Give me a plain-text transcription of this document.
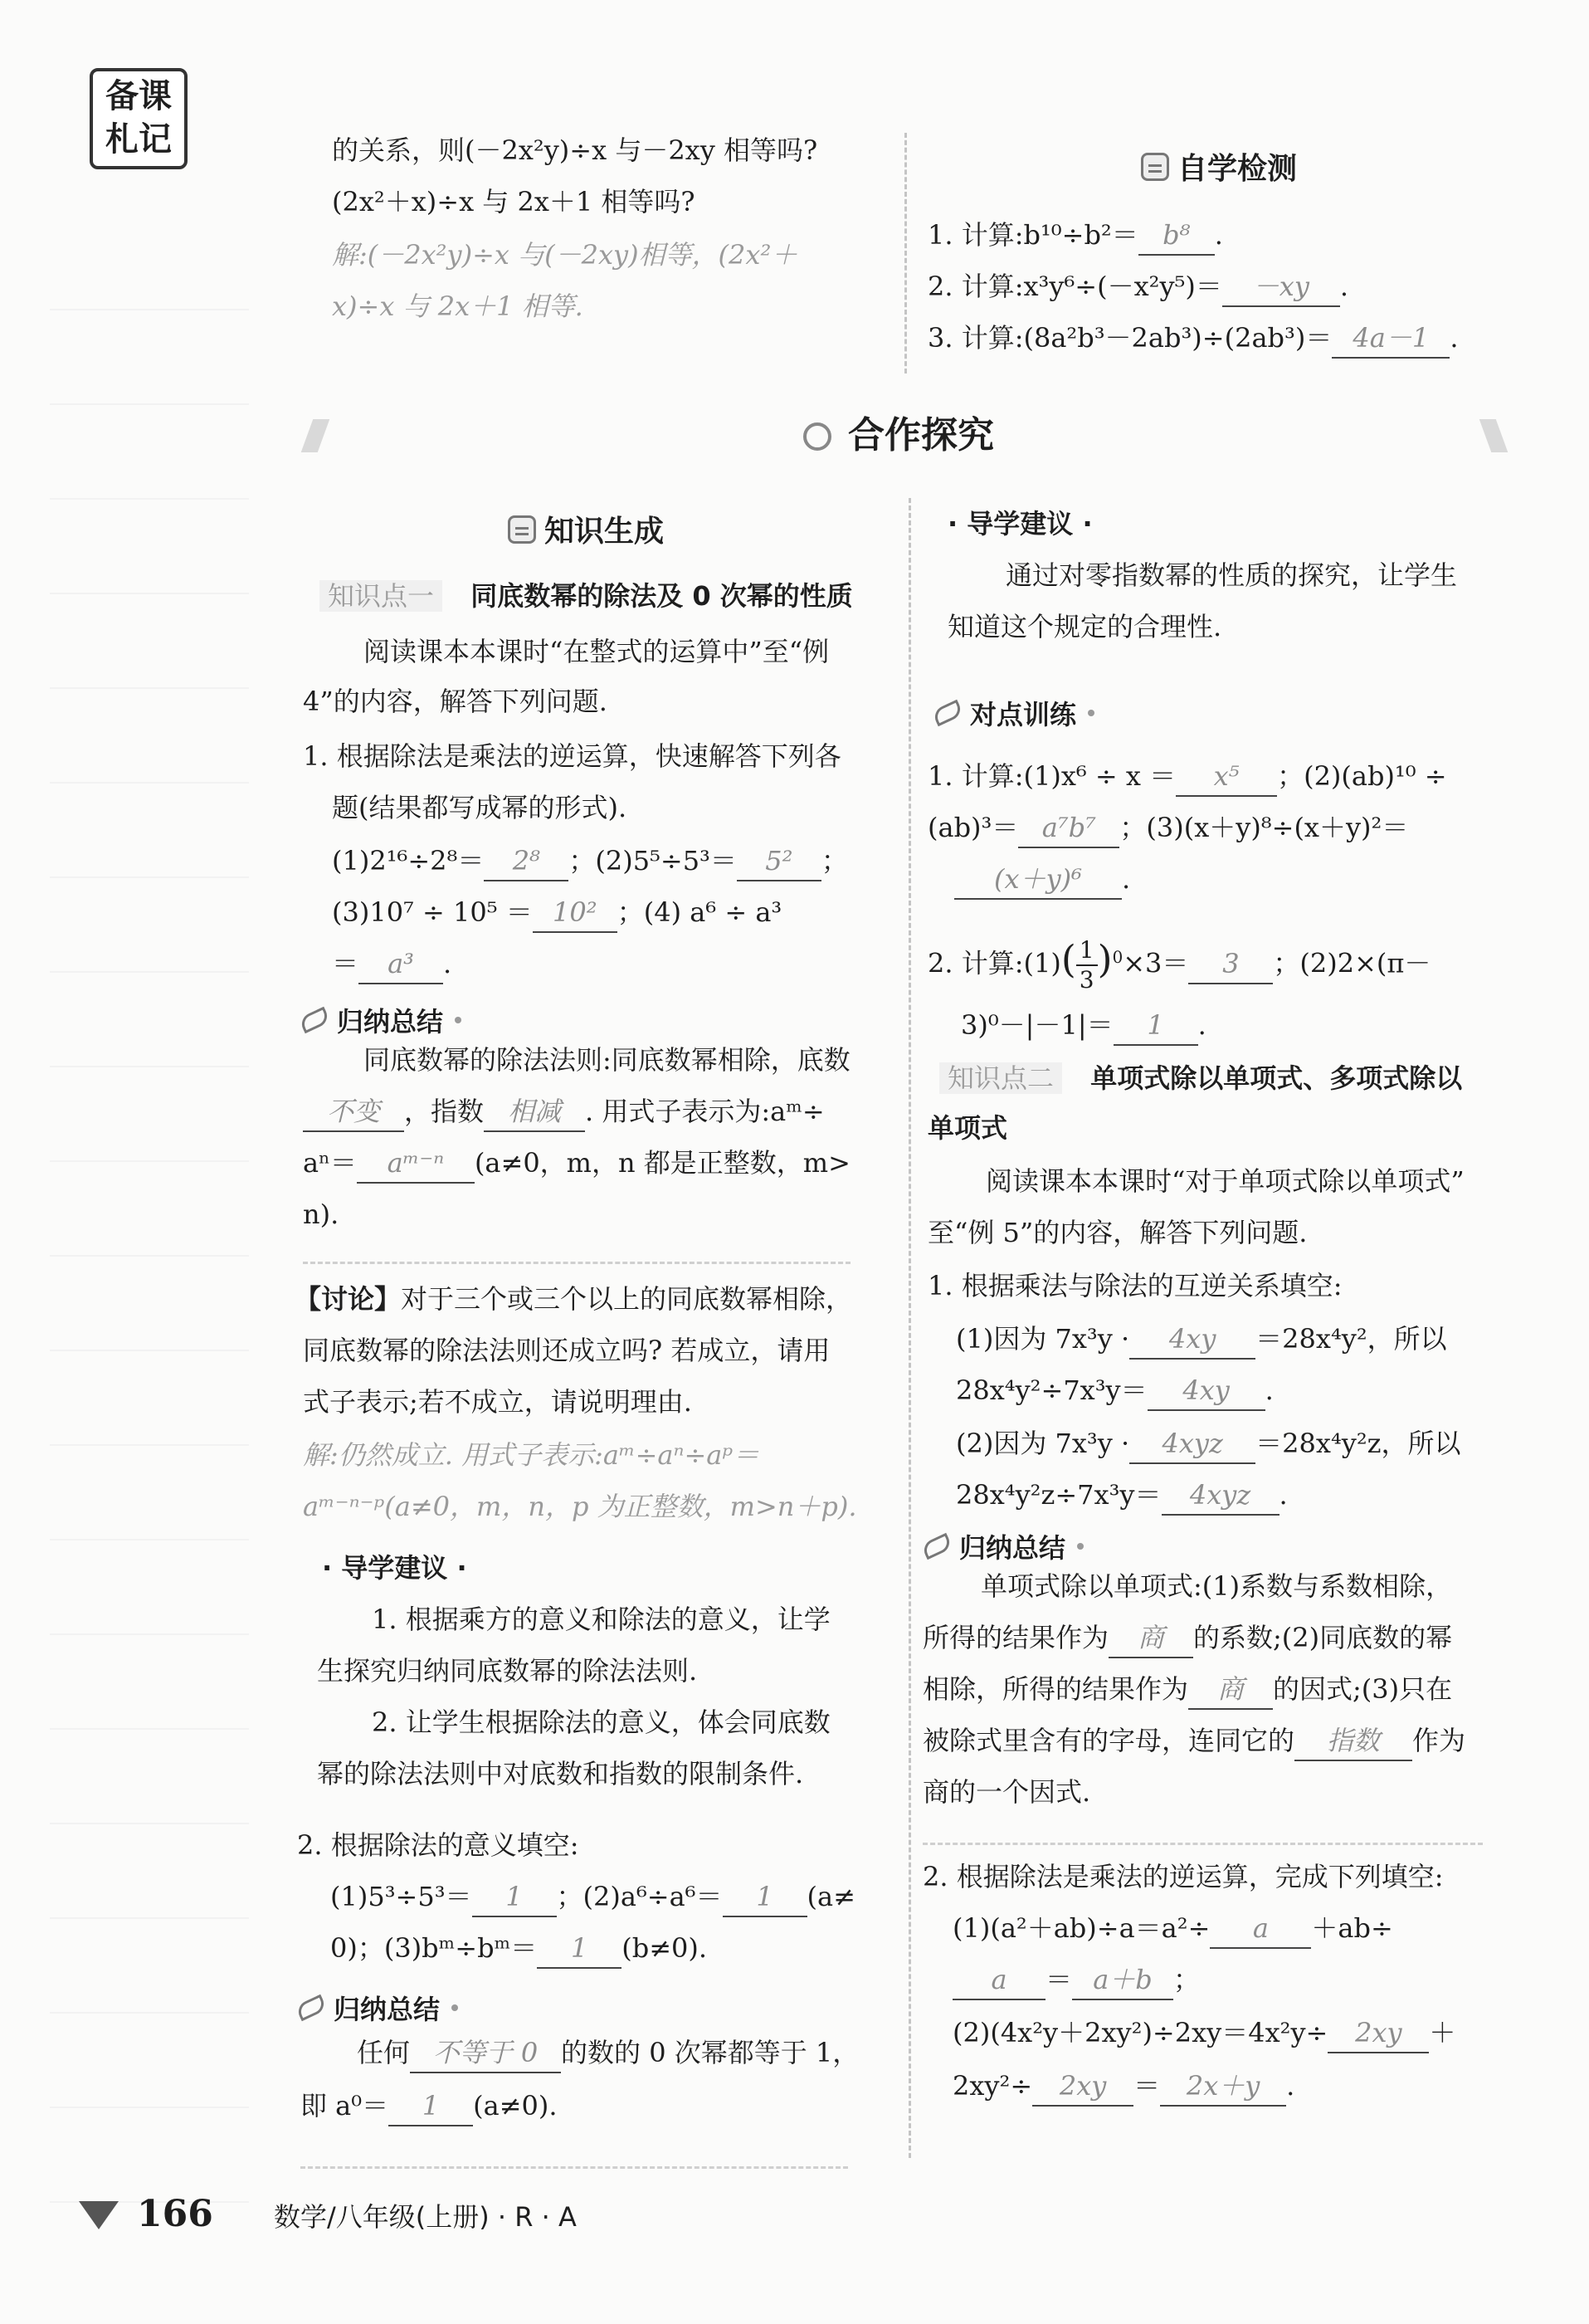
备课
札记	的关系，则(－2x²y)÷x 与－2xy 相等吗?
(2x²＋x)÷x 与 2x＋1 相等吗?
解:(－2x²y)÷x 与(－2xy)相等，(2x²＋
x)÷x 与 2x＋1 相等.
自学检测
1. 计算:b¹⁰÷b²＝ b⁸ .
2. 计算:x³y⁶÷(－x²y⁵)＝ －xy .
3. 计算:(8a²b³－2ab³)÷(2ab³)＝ 4a－1 .
合作探究
知识生成
知识点一 同底数幂的除法及 0 次幂的性质
阅读课本本课时“在整式的运算中”至“例
4”的内容，解答下列问题.
1. 根据除法是乘法的逆运算，快速解答下列各
题(结果都写成幂的形式).
(1)2¹⁶÷2⁸＝ 2⁸ ；(2)5⁵÷5³＝ 5² ；
(3)10⁷ ÷ 10⁵ ＝ 10² ；(4) a⁶ ÷ a³
＝ a³ .
归纳总结
同底数幂的除法法则:同底数幂相除，底数
不变 ，指数 相减 . 用式子表示为:aᵐ÷
aⁿ＝ aᵐ⁻ⁿ (a≠0，m，n 都是正整数，m>
n).
【讨论】对于三个或三个以上的同底数幂相除，
同底数幂的除法法则还成立吗? 若成立，请用
式子表示;若不成立，请说明理由.
解:仍然成立. 用式子表示:aᵐ÷aⁿ÷aᵖ＝
aᵐ⁻ⁿ⁻ᵖ(a≠0，m，n，p 为正整数，m>n＋p).
· 导学建议 ·
1. 根据乘方的意义和除法的意义，让学
生探究归纳同底数幂的除法法则.
2. 让学生根据除法的意义，体会同底数
幂的除法法则中对底数和指数的限制条件.
2. 根据除法的意义填空:
(1)5³÷5³＝ 1 ；(2)a⁶÷a⁶＝ 1 (a≠
0)；(3)bᵐ÷bᵐ＝ 1 (b≠0).
归纳总结
任何 不等于 0 的数的 0 次幂都等于 1，
即 a⁰＝ 1 (a≠0).
· 导学建议 ·
通过对零指数幂的性质的探究，让学生
知道这个规定的合理性.
对点训练
1. 计算:(1)x⁶ ÷ x ＝ x⁵ ；(2)(ab)¹⁰ ÷
(ab)³＝ a⁷b⁷ ；(3)(x＋y)⁸÷(x＋y)²＝
(x＋y)⁶ .
2. 计算:(1)( $\frac{1}{3} )^0\times 3= 3$ ；(2)2×(π－
3)⁰－|－1|＝ 1 .
知识点二 单项式除以单项式、多项式除以
单项式
阅读课本本课时“对于单项式除以单项式”
至“例 5”的内容，解答下列问题.
1. 根据乘法与除法的互逆关系填空:
(1)因为 7x³y · 4xy ＝28x⁴y²，所以
28x⁴y²÷7x³y＝ 4xy .
(2)因为 7x³y · 4xyz ＝28x⁴y²z，所以
28x⁴y²z÷7x³y＝ 4xyz .
归纳总结
单项式除以单项式:(1)系数与系数相除，
所得的结果作为 商 的系数;(2)同底数的幂
相除，所得的结果作为 商 的因式;(3)只在
被除式里含有的字母，连同它的 指数 作为
商的一个因式.
2. 根据除法是乘法的逆运算，完成下列填空:
(1)(a²＋ab)÷a＝a²÷ a ＋ab÷
a ＝ a＋b ；
(2)(4x²y＋2xy²)÷2xy＝4x²y÷ 2xy ＋
2xy²÷ 2xy ＝ 2x＋y .
166 数学/八年级(上册) · R · A
